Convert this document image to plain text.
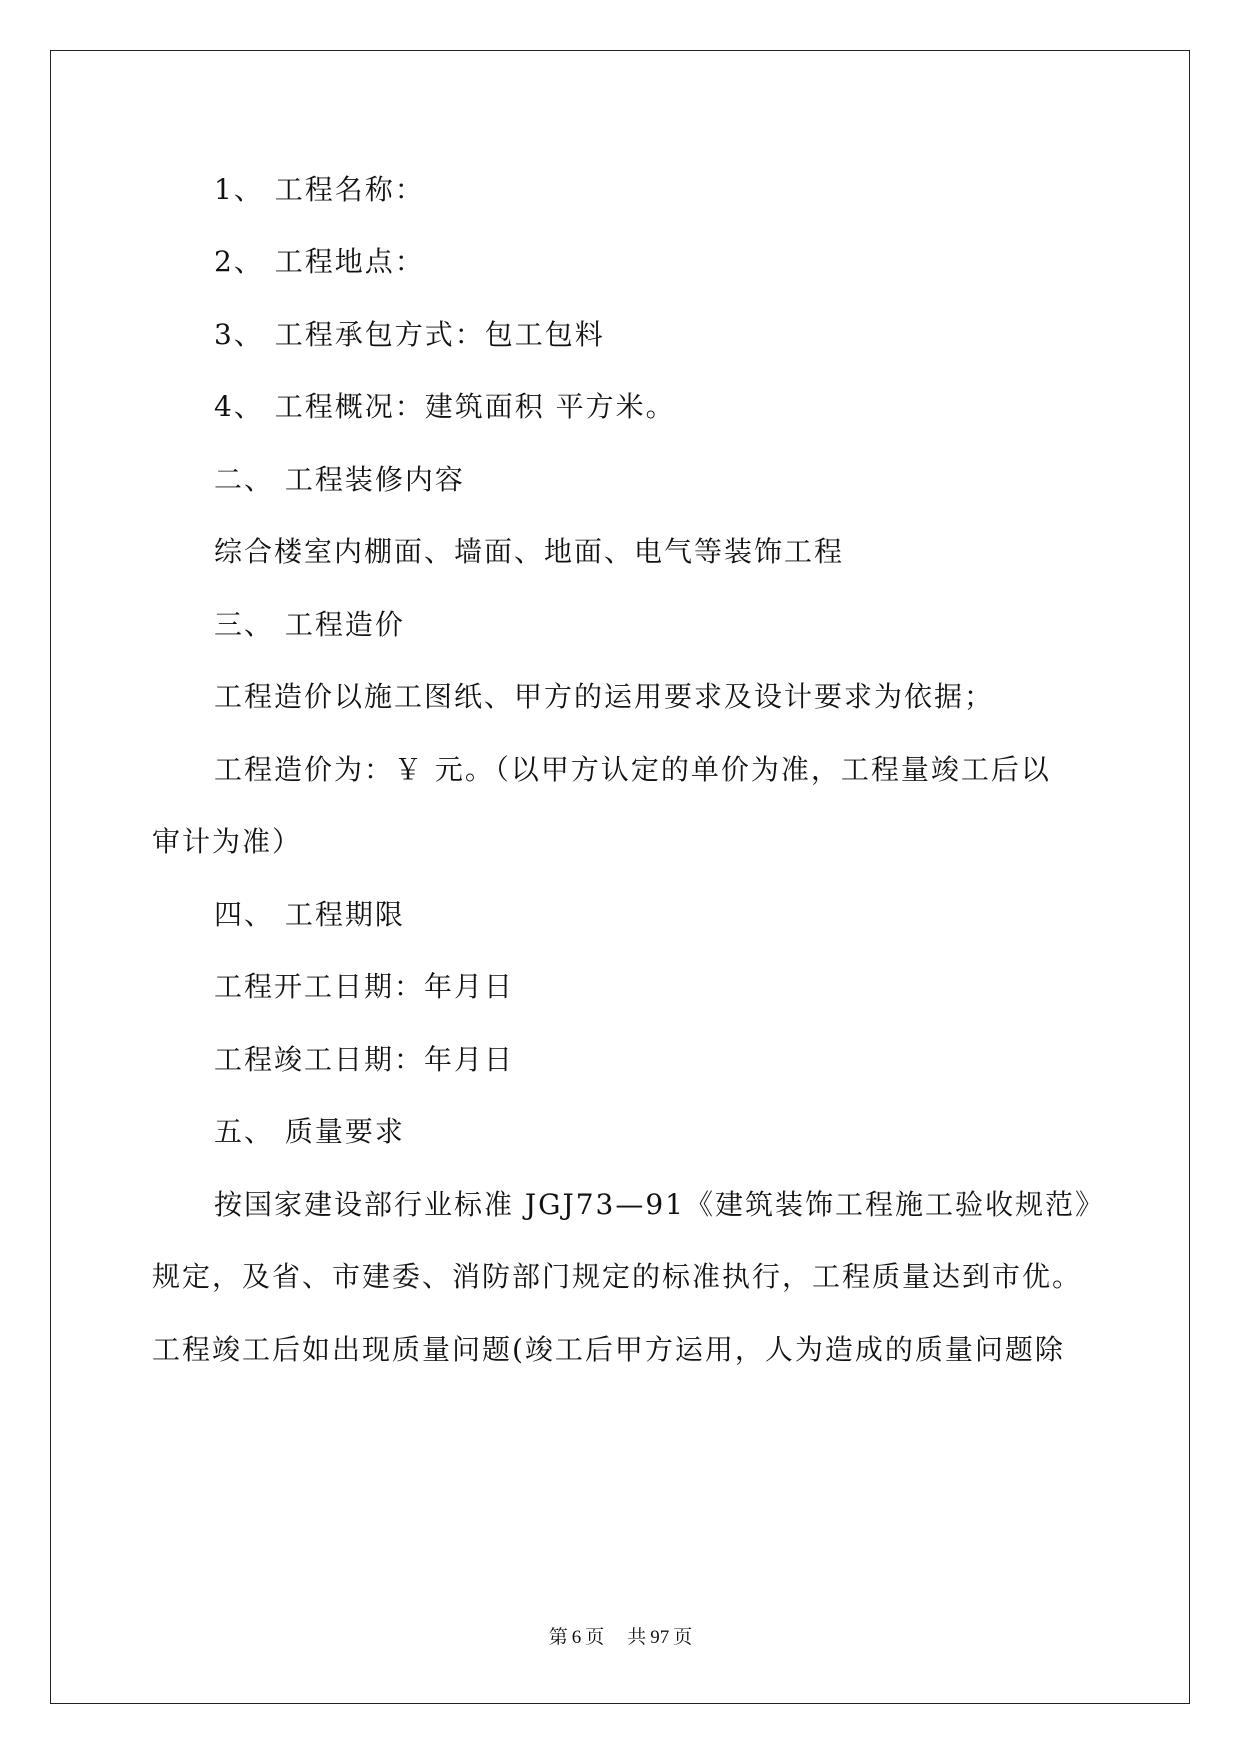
1、 工程名称：
2、 工程地点：
3、 工程承包方式：包工包料
4、 工程概况：建筑面积 平方米。
二、 工程装修内容
综合楼室内棚面、墙面、地面、电气等装饰工程
三、 工程造价
工程造价以施工图纸、甲方的运用要求及设计要求为依据；
工程造价为：￥ 元。（以甲方认定的单价为准，工程量竣工后以
审计为准）
四、 工程期限
工程开工日期：年月日
工程竣工日期：年月日
五、 质量要求
按国家建设部行业标准 JGJ73—91《建筑装饰工程施工验收规范》
规定，及省、市建委、消防部门规定的标准执行，工程质量达到市优。
工程竣工后如出现质量问题(竣工后甲方运用，人为造成的质量问题除
第 6 页 共 97 页
